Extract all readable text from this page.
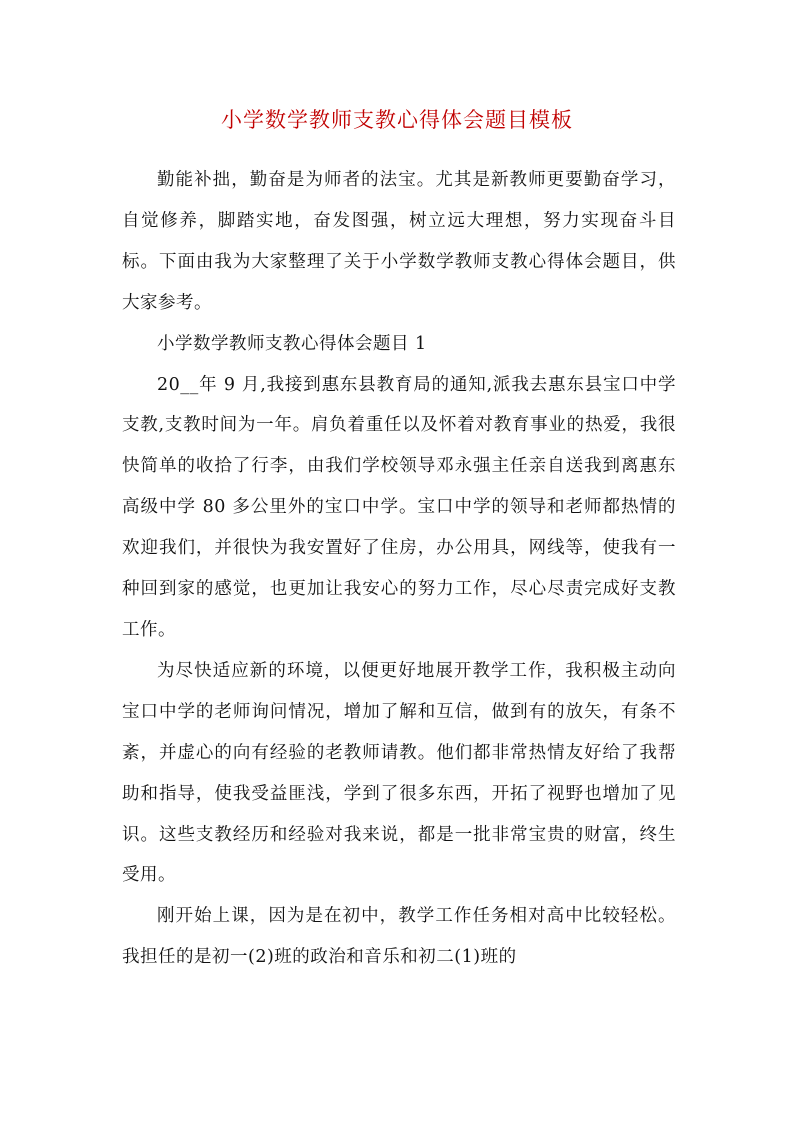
小学数学教师支教心得体会题目模板

勤能补拙，勤奋是为师者的法宝。尤其是新教师更要勤奋学习，自觉修养，脚踏实地，奋发图强，树立远大理想，努力实现奋斗目标。下面由我为大家整理了关于小学数学教师支教心得体会题目，供大家参考。

小学数学教师支教心得体会题目 1

20__年 9 月,我接到惠东县教育局的通知,派我去惠东县宝口中学支教,支教时间为一年。肩负着重任以及怀着对教育事业的热爱，我很快简单的收拾了行李，由我们学校领导邓永强主任亲自送我到离惠东高级中学 80 多公里外的宝口中学。宝口中学的领导和老师都热情的欢迎我们，并很快为我安置好了住房，办公用具，网线等，使我有一种回到家的感觉，也更加让我安心的努力工作，尽心尽责完成好支教工作。

为尽快适应新的环境，以便更好地展开教学工作，我积极主动向宝口中学的老师询问情况，增加了解和互信，做到有的放矢，有条不紊，并虚心的向有经验的老教师请教。他们都非常热情友好给了我帮助和指导，使我受益匪浅，学到了很多东西，开拓了视野也增加了见识。这些支教经历和经验对我来说，都是一批非常宝贵的财富，终生受用。

刚开始上课，因为是在初中，教学工作任务相对高中比较轻松。我担任的是初一(2)班的政治和音乐和初二(1)班的
